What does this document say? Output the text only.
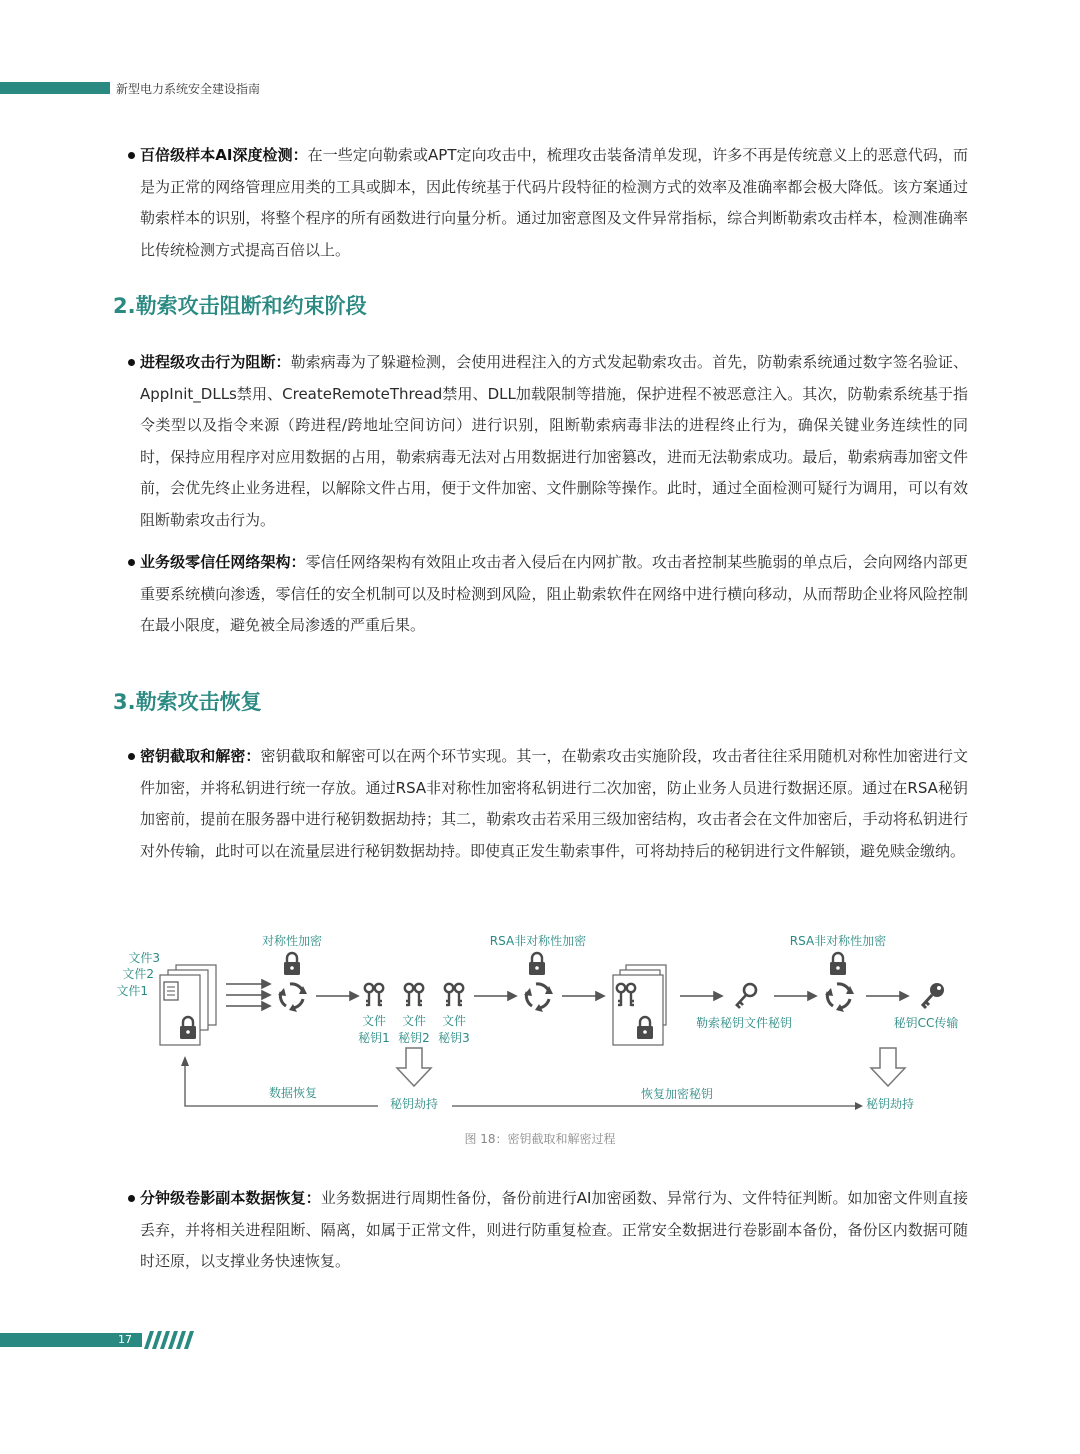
新型电力系统安全建设指南
百倍级样本AI深度检测：在一些定向勒索或APT定向攻击中，梳理攻击装备清单发现，许多不再是传统意义上的恶意代码，而是为正常的网络管理应用类的工具或脚本，因此传统基于代码片段特征的检测方式的效率及准确率都会极大降低。该方案通过勒索样本的识别，将整个程序的所有函数进行向量分析。通过加密意图及文件异常指标，综合判断勒索攻击样本，检测准确率比传统检测方式提高百倍以上。
2.勒索攻击阻断和约束阶段
进程级攻击行为阻断：勒索病毒为了躲避检测，会使用进程注入的方式发起勒索攻击。首先，防勒索系统通过数字签名验证、AppInit_DLLs禁用、CreateRemoteThread禁用、DLL加载限制等措施，保护进程不被恶意注入。其次，防勒索系统基于指令类型以及指令来源（跨进程/跨地址空间访问）进行识别，阻断勒索病毒非法的进程终止行为，确保关键业务连续性的同时，保持应用程序对应用数据的占用，勒索病毒无法对占用数据进行加密篡改，进而无法勒索成功。最后，勒索病毒加密文件前，会优先终止业务进程，以解除文件占用，便于文件加密、文件删除等操作。此时，通过全面检测可疑行为调用，可以有效阻断勒索攻击行为。
业务级零信任网络架构：零信任网络架构有效阻止攻击者入侵后在内网扩散。攻击者控制某些脆弱的单点后，会向网络内部更重要系统横向渗透，零信任的安全机制可以及时检测到风险，阻止勒索软件在网络中进行横向移动，从而帮助企业将风险控制在最小限度，避免被全局渗透的严重后果。
3.勒索攻击恢复
密钥截取和解密：密钥截取和解密可以在两个环节实现。其一，在勒索攻击实施阶段，攻击者往往采用随机对称性加密进行文件加密，并将私钥进行统一存放。通过RSA非对称性加密将私钥进行二次加密，防止业务人员进行数据还原。通过在RSA秘钥加密前，提前在服务器中进行秘钥数据劫持；其二，勒索攻击若采用三级加密结构，攻击者会在文件加密后，手动将私钥进行对外传输，此时可以在流量层进行秘钥数据劫持。即使真正发生勒索事件，可将劫持后的秘钥进行文件解锁，避免赎金缴纳。
文件3
文件2
文件1
对称性加密
文件
秘钥1
文件
秘钥2
文件
秘钥3
RSA非对称性加密
勒索秘钥文件秘钥
RSA非对称性加密
秘钥CC传输
数据恢复
秘钥劫持
恢复加密秘钥
秘钥劫持
图 18：密钥截取和解密过程
分钟级卷影副本数据恢复：业务数据进行周期性备份，备份前进行AI加密函数、异常行为、文件特征判断。如加密文件则直接丢弃，并将相关进程阻断、隔离，如属于正常文件，则进行防重复检查。正常安全数据进行卷影副本备份，备份区内数据可随时还原，以支撑业务快速恢复。
17
